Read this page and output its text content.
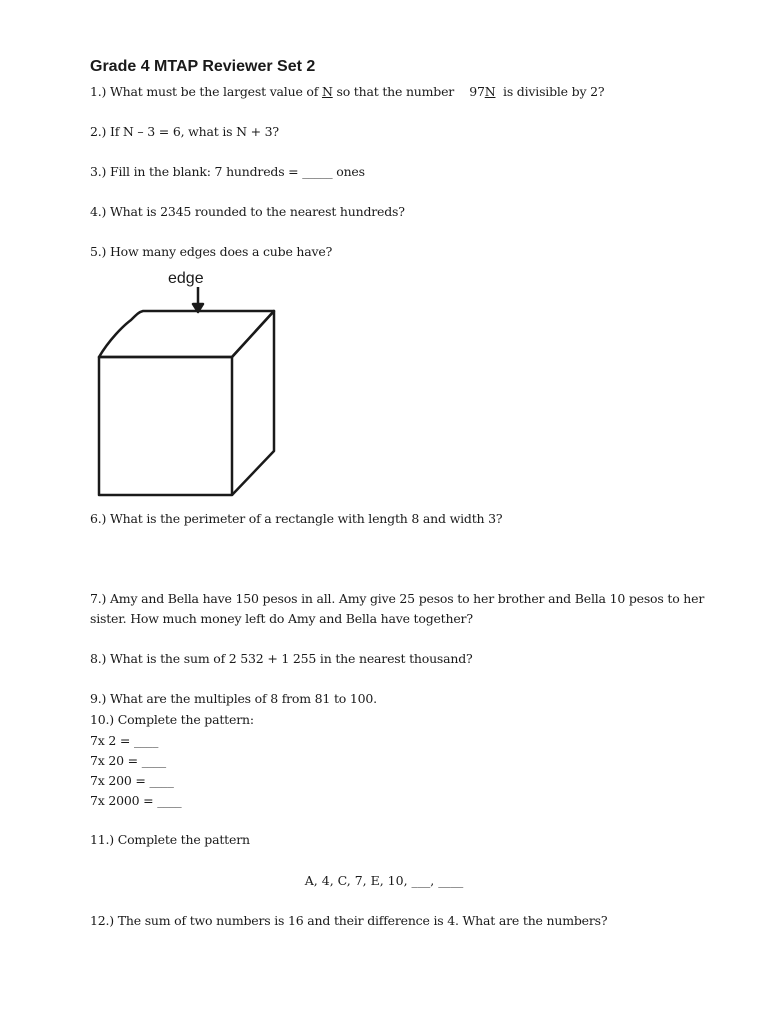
Grade 4 MTAP Reviewer Set 2
1.) What must be the largest value of N so that the number    97N  is divisible by 2?
2.) If N – 3 = 6, what is N + 3?
3.) Fill in the blank: 7 hundreds = _____ ones
4.) What is 2345 rounded to the nearest hundreds?
5.) How many edges does a cube have?
edge
6.) What is the perimeter of a rectangle with length 8 and width 3?
7.) Amy and Bella have 150 pesos in all. Amy give 25 pesos to her brother and Bella 10 pesos to her
sister. How much money left do Amy and Bella have together?
8.) What is the sum of 2 532 + 1 255 in the nearest thousand?
9.) What are the multiples of 8 from 81 to 100.
10.) Complete the pattern:
7x 2 = ____
7x 20 = ____
7x 200 = ____
7x 2000 = ____
11.) Complete the pattern
A, 4, C, 7, E, 10, ___, ____
12.) The sum of two numbers is 16 and their difference is 4. What are the numbers?
